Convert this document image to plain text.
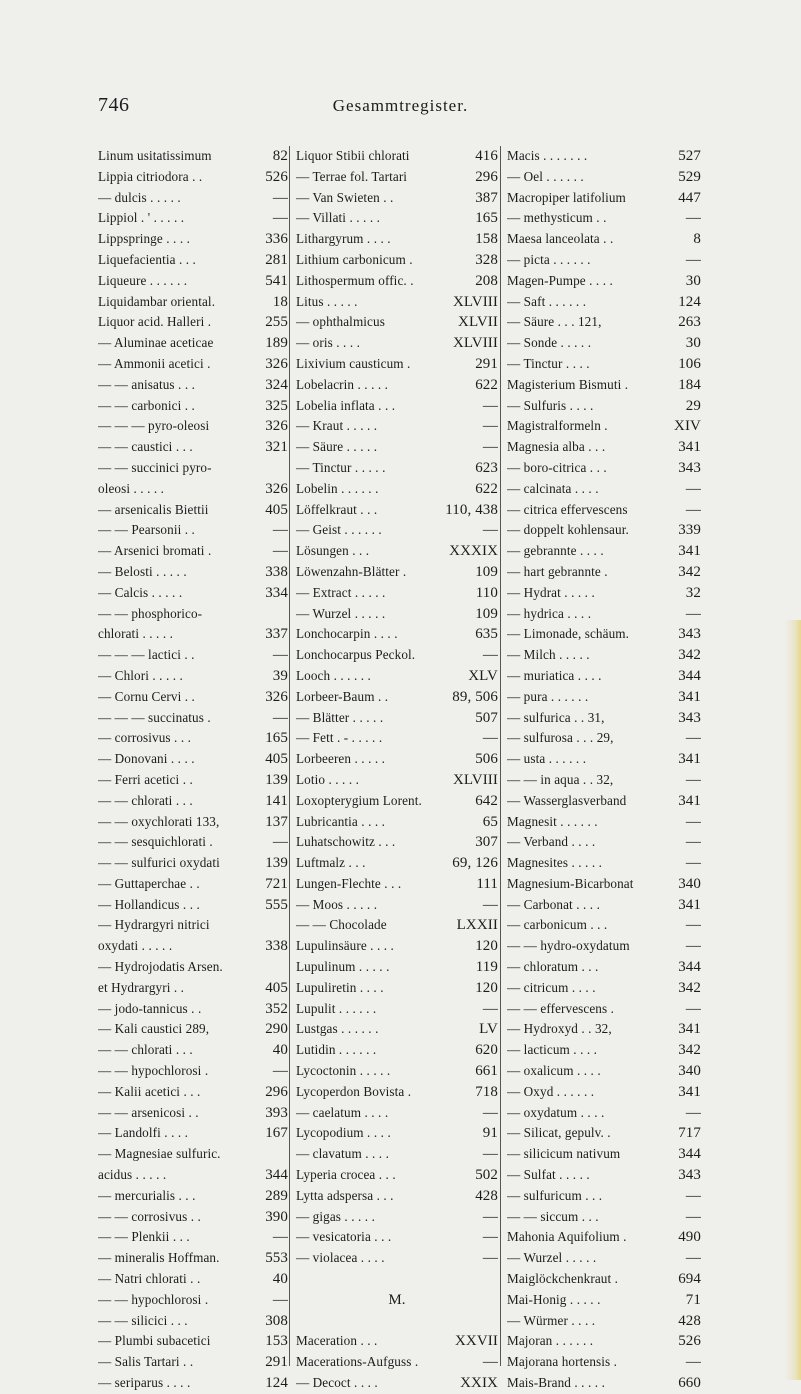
746	Gesammtregister.
Linum usitatissimum	82
Lippia citriodora . .	526
— dulcis . . . . .	—
Lippiol . ' . . . . .	—
Lippspringe . . . .	336
Liquefacientia . . .	281
Liqueure . . . . . .	541
Liquidambar oriental.	18
Liquor acid. Halleri .	255
— Aluminae aceticae	189
— Ammonii acetici .	326
— — anisatus . . .	324
— — carbonici . .	325
— — — pyro-oleosi	326
— — caustici . . .	321
— — succinici pyro-
oleosi . . . . .	326
— arsenicalis Biettii	405
— — Pearsonii . .	—
— Arsenici bromati .	—
— Belosti . . . . .	338
— Calcis . . . . .	334
— — phosphorico-
chlorati . . . . .	337
— — — lactici . .	—
— Chlori . . . . .	39
— Cornu Cervi . .	326
— — — succinatus .	—
— corrosivus . . .	165
— Donovani . . . .	405
— Ferri acetici . .	139
— — chlorati . . .	141
— — oxychlorati 133,	137
— — sesquichlorati .	—
— — sulfurici oxydati	139
— Guttaperchae . .	721
— Hollandicus . . .	555
— Hydrargyri nitrici
oxydati . . . . .	338
— Hydrojodatis Arsen.
et Hydrargyri . .	405
— jodo-tannicus . .	352
— Kali caustici 289,	290
— — chlorati . . .	40
— — hypochlorosi .	—
— Kalii acetici . . .	296
— — arsenicosi . .	393
— Landolfi . . . .	167
— Magnesiae sulfuric.
acidus . . . . .	344
— mercurialis . . .	289
— — corrosivus . .	390
— — Plenkii . . .	—
— mineralis Hoffman.	553
— Natri chlorati . .	40
— — hypochlorosi .	—
— — silicici . . .	308
— Plumbi subacetici	153
— Salis Tartari . .	291
— seriparus . . . .	124
Liquor Stibii chlorati	416
— Terrae fol. Tartari	296
— Van Swieten . .	387
— Villati . . . . .	165
Lithargyrum . . . .	158
Lithium carbonicum .	328
Lithospermum offic. .	208
Litus . . . . .	XLVIII
— ophthalmicus	XLVII
— oris . . . .	XLVIII
Lixivium causticum .	291
Lobelacrin . . . . .	622
Lobelia inflata . . .	—
— Kraut . . . . .	—
— Säure . . . . .	—
— Tinctur . . . . .	623
Lobelin . . . . . .	622
Löffelkraut . . .	110, 438
— Geist . . . . . .	—
Lösungen . . .	XXXIX
Löwenzahn-Blätter .	109
— Extract . . . . .	110
— Wurzel . . . . .	109
Lonchocarpin . . . .	635
Lonchocarpus Peckol.	—
Looch . . . . . .	XLV
Lorbeer-Baum . .	89, 506
— Blätter . . . . .	507
— Fett . - . . . . .	—
Lorbeeren . . . . .	506
Lotio . . . . .	XLVIII
Loxopterygium Lorent.	642
Lubricantia . . . .	65
Luhatschowitz . . .	307
Luftmalz . . .	69, 126
Lungen-Flechte . . .	111
— Moos . . . . .	—
— — Chocolade	LXXII
Lupulinsäure . . . .	120
Lupulinum . . . . .	119
Lupuliretin . . . .	120
Lupulit . . . . . .	—
Lustgas . . . . . .	LV
Lutidin . . . . . .	620
Lycoctonin . . . . .	661
Lycoperdon Bovista .	718
— caelatum . . . .	—
Lycopodium . . . .	91
— clavatum . . . .	—
Lyperia crocea . . .	502
Lytta adspersa . . .	428
— gigas . . . . .	—
— vesicatoria . . .	—
— violacea . . . .	—
M.
Maceration . . .	XXVII
Macerations-Aufguss .	—
— Decoct . . . .	XXIX
Macis . . . . . . .	527
— Oel . . . . . .	529
Macropiper latifolium	447
— methysticum . .	—
Maesa lanceolata . .	8
— picta . . . . . .	—
Magen-Pumpe . . . .	30
— Saft . . . . . .	124
— Säure . . . 121,	263
— Sonde . . . . .	30
— Tinctur . . . .	106
Magisterium Bismuti .	184
— Sulfuris . . . .	29
Magistralformeln .	XIV
Magnesia alba . . .	341
— boro-citrica . . .	343
— calcinata . . . .	—
— citrica effervescens	—
— doppelt kohlensaur.	339
— gebrannte . . . .	341
— hart gebrannte .	342
— Hydrat . . . . .	32
— hydrica . . . .	—
— Limonade, schäum.	343
— Milch . . . . .	342
— muriatica . . . .	344
— pura . . . . . .	341
— sulfurica . . 31,	343
— sulfurosa . . . 29,	—
— usta . . . . . .	341
— — in aqua . . 32,	—
— Wasserglasverband	341
Magnesit . . . . . .	—
— Verband . . . .	—
Magnesites . . . . .	—
Magnesium-Bicarbonat	340
— Carbonat . . . .	341
— carbonicum . . .	—
— — hydro-oxydatum	—
— chloratum . . .	344
— citricum . . . .	342
— — effervescens .	—
— Hydroxyd . . 32,	341
— lacticum . . . .	342
— oxalicum . . . .	340
— Oxyd . . . . . .	341
— oxydatum . . . .	—
— Silicat, gepulv. .	717
— silicicum nativum	344
— Sulfat . . . . .	343
— sulfuricum . . .	—
— — siccum . . .	—
Mahonia Aquifolium .	490
— Wurzel . . . . .	—
Maiglöckchenkraut .	694
Mai-Honig . . . . .	71
— Würmer . . . .	428
Majoran . . . . . .	526
Majorana hortensis .	—
Mais-Brand . . . . .	660
